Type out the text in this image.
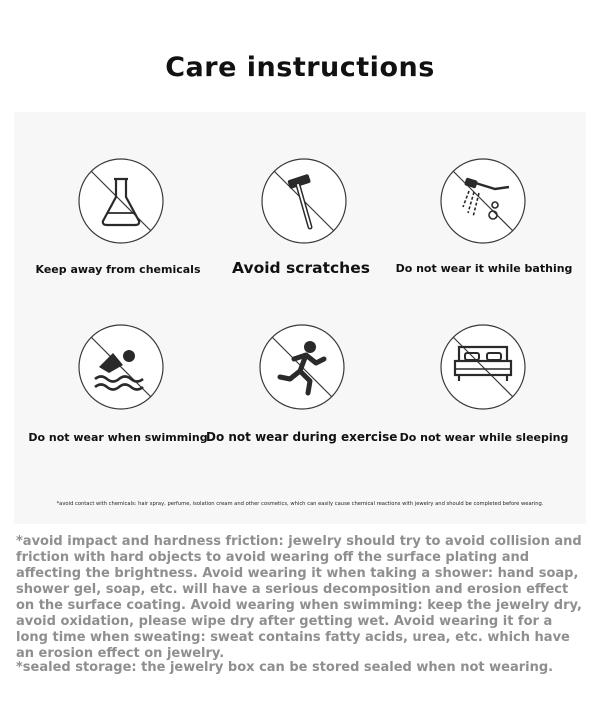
Care instructions
Keep away from chemicals	Avoid scratches	Do not wear it while bathing
Do not wear when swimming
Do not wear during exercise Do not wear while sleeping
*avoid contact with chemicals: hair spray, perfume, isolation cream and other cosmetics, which can easily cause chemical reactions with jewelry and should be completed before wearing.
*avoid impact and hardness friction: jewelry should try to avoid collision and friction with hard objects to avoid wearing off the surface plating and affecting the brightness. Avoid wearing it when taking a shower: hand soap, shower gel, soap, etc. will have a serious decomposition and erosion effect on the surface coating. Avoid wearing when swimming: keep the jewelry dry, avoid oxidation, please wipe dry after getting wet. Avoid wearing it for a long time when sweating: sweat contains fatty acids, urea, etc. which have an erosion effect on jewelry.
*sealed storage: the jewelry box can be stored sealed when not wearing.
